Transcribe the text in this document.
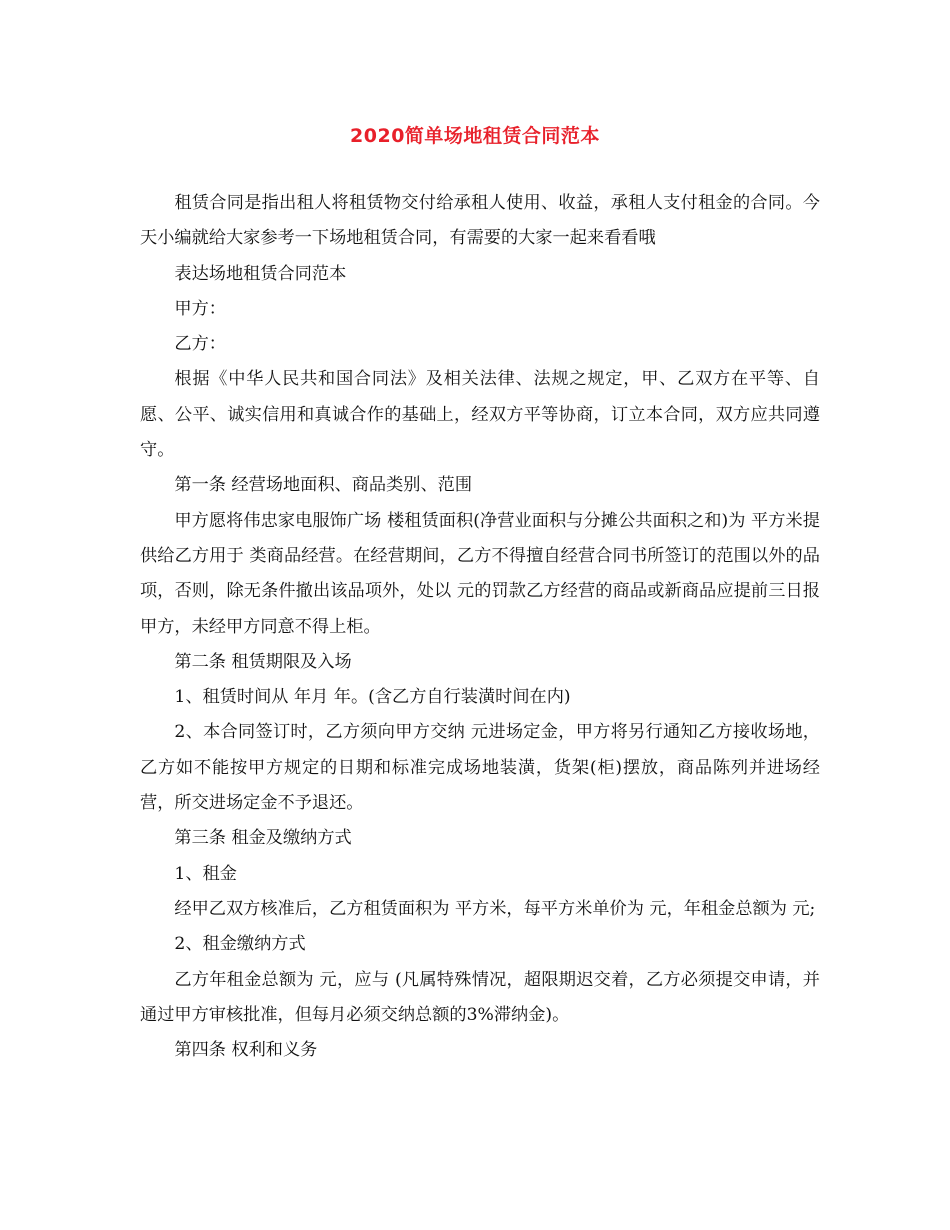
2020简单场地租赁合同范本

租赁合同是指出租人将租赁物交付给承租人使用、收益，承租人支付租金的合同。今天小编就给大家参考一下场地租赁合同，有需要的大家一起来看看哦

表达场地租赁合同范本

甲方：

乙方：

根据《中华人民共和国合同法》及相关法律、法规之规定，甲、乙双方在平等、自愿、公平、诚实信用和真诚合作的基础上，经双方平等协商，订立本合同，双方应共同遵守。

第一条 经营场地面积、商品类别、范围

甲方愿将伟忠家电服饰广场 楼租赁面积(净营业面积与分摊公共面积之和)为 平方米提供给乙方用于 类商品经营。在经营期间，乙方不得擅自经营合同书所签订的范围以外的品项，否则，除无条件撤出该品项外，处以 元的罚款乙方经营的商品或新商品应提前三日报甲方，未经甲方同意不得上柜。

第二条 租赁期限及入场

1、租赁时间从 年月 年。(含乙方自行装潢时间在内)

2、本合同签订时，乙方须向甲方交纳 元进场定金，甲方将另行通知乙方接收场地，乙方如不能按甲方规定的日期和标准完成场地装潢，货架(柜)摆放，商品陈列并进场经营，所交进场定金不予退还。

第三条 租金及缴纳方式

1、租金

经甲乙双方核准后，乙方租赁面积为 平方米，每平方米单价为 元，年租金总额为 元;

2、租金缴纳方式

乙方年租金总额为 元，应与 (凡属特殊情况，超限期迟交着，乙方必须提交申请，并通过甲方审核批准，但每月必须交纳总额的3%滞纳金)。

第四条 权利和义务
